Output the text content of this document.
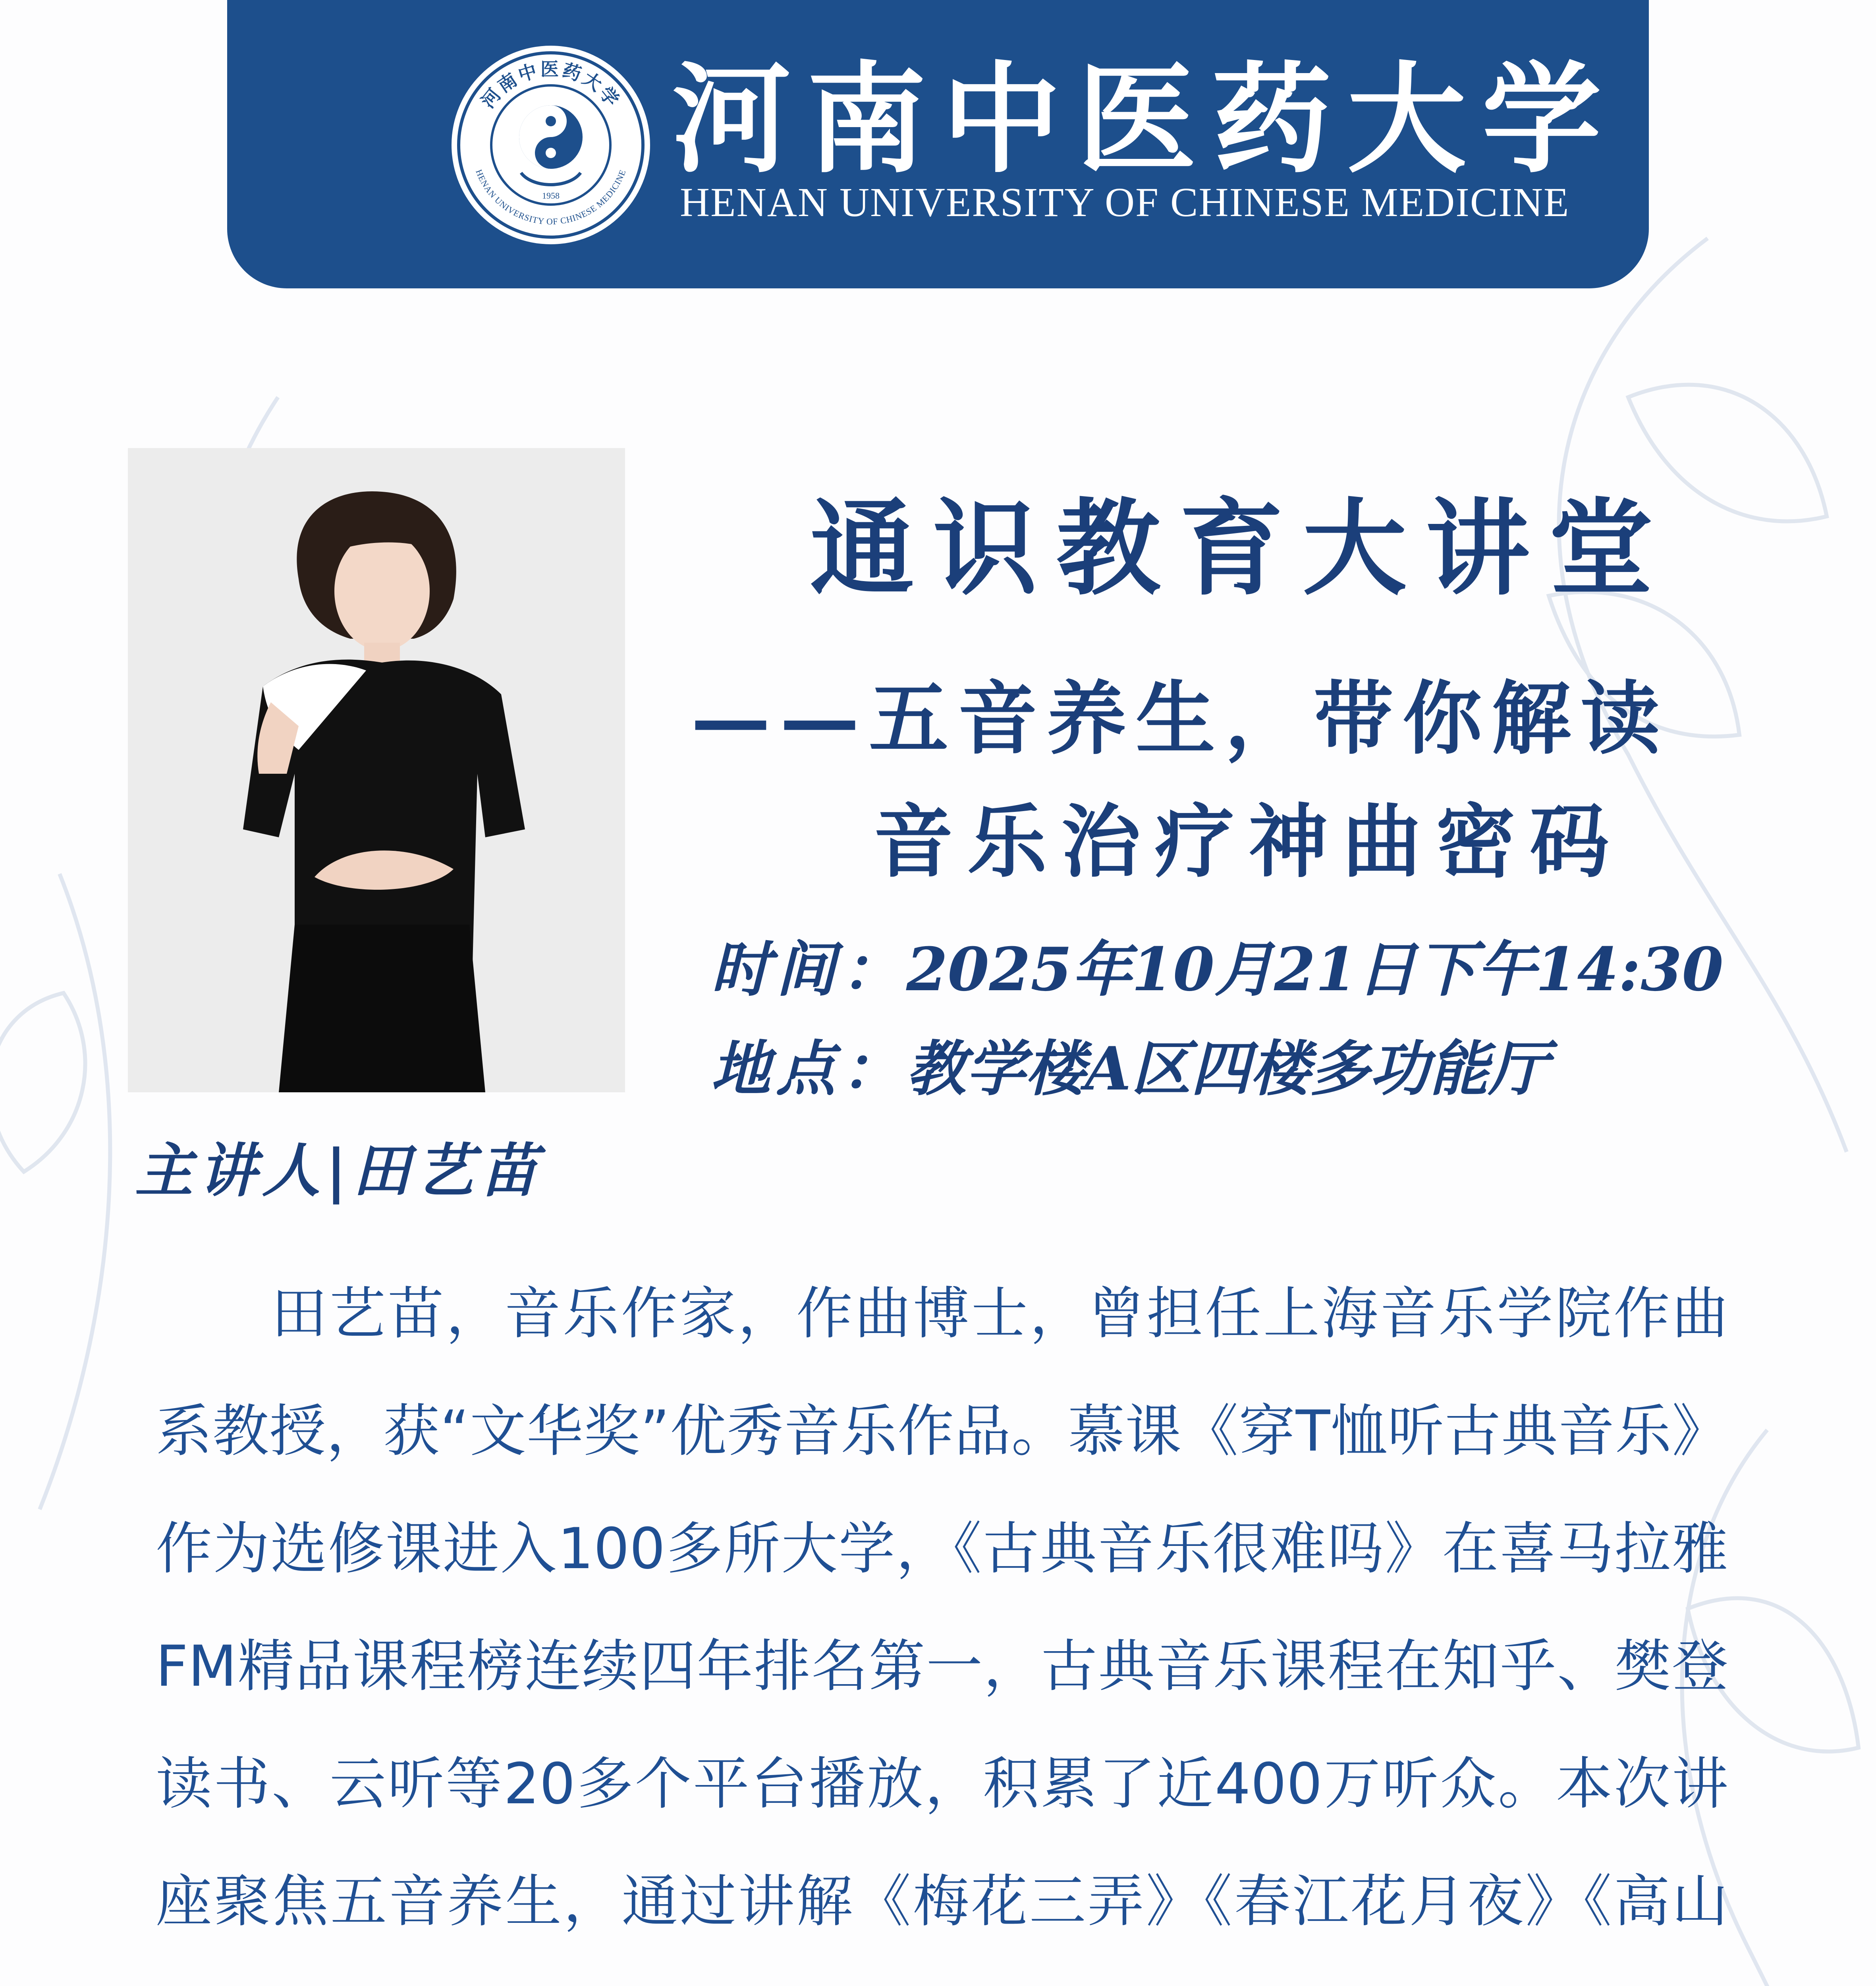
河南中医药大学
HENAN UNIVERSITY OF CHINESE MEDICINE
1958
河南中医药大学
HENAN UNIVERSITY OF CHINESE MEDICINE
通识教育大讲堂
——五音养生，带你解读
音乐治疗神曲密码
时间：2025年10月21日下午14:30
地点：教学楼A区四楼多功能厅
主讲人|田艺苗

田艺苗，音乐作家，作曲博士，曾担任上海音乐学院作曲系教授，获“文华奖”优秀音乐作品。慕课《穿T恤听古典音乐》作为选修课进入100多所大学，《古典音乐很难吗》在喜马拉雅FM精品课程榜连续四年排名第一，古典音乐课程在知乎、樊登读书、云听等20多个平台播放，积累了近400万听众。本次讲座聚焦五音养生，通过讲解《梅花三弄》《春江花月夜》《高山
